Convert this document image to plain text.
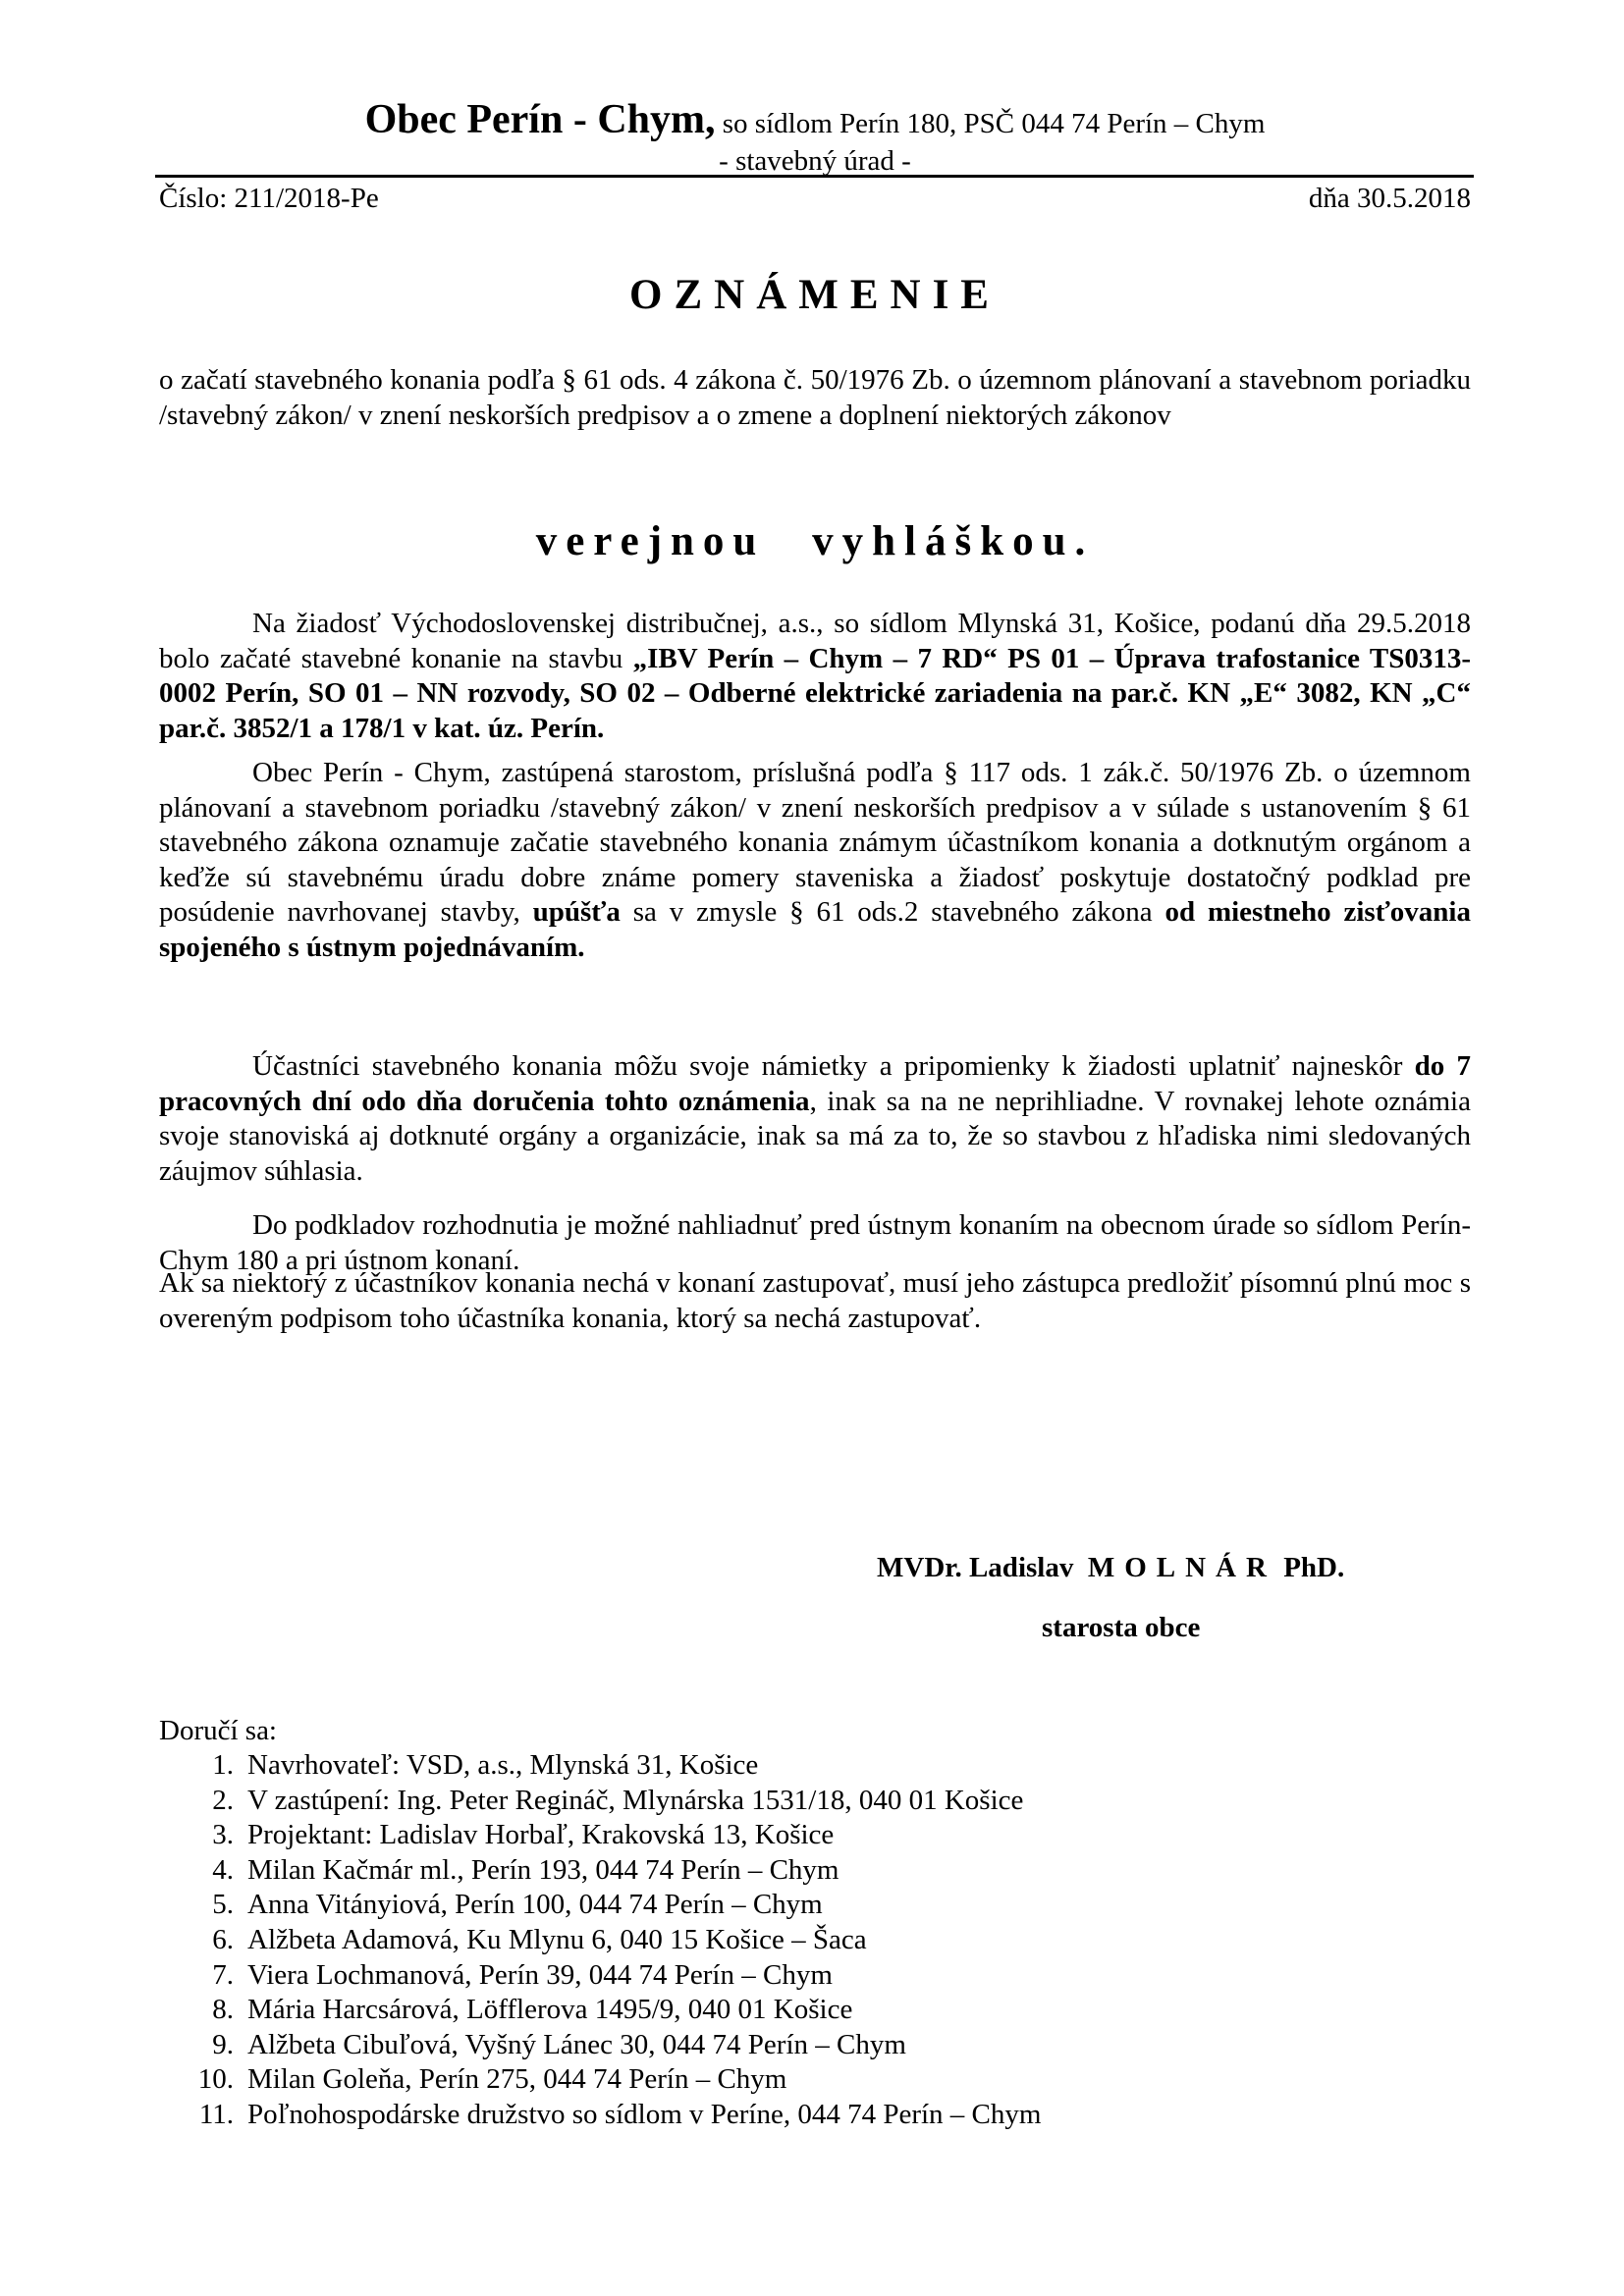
Obec Perín - Chym, so sídlom Perín 180, PSČ 044 74 Perín – Chym
- stavebný úrad -
Číslo: 211/2018-Pe	dňa 30.5.2018
OZNÁMENIE
o začatí stavebného konania podľa § 61 ods. 4 zákona č. 50/1976 Zb. o územnom plánovaní a stavebnom poriadku /stavebný zákon/ v znení neskorších predpisov a o zmene a doplnení niektorých zákonov
verejnou vyhláškou.
Na žiadosť Východoslovenskej distribučnej, a.s., so sídlom Mlynská 31, Košice, podanú dňa 29.5.2018 bolo začaté stavebné konanie na stavbu „IBV Perín – Chym – 7 RD“ PS 01 – Úprava trafostanice TS0313-0002 Perín, SO 01 – NN rozvody, SO 02 – Odberné elektrické zariadenia na par.č. KN „E“ 3082, KN „C“ par.č. 3852/1 a 178/1 v kat. úz. Perín.
Obec Perín - Chym, zastúpená starostom, príslušná podľa § 117 ods. 1 zák.č. 50/1976 Zb. o územnom plánovaní a stavebnom poriadku /stavebný zákon/ v znení neskorších predpisov a v súlade s ustanovením § 61 stavebného zákona oznamuje začatie stavebného konania známym účastníkom konania a dotknutým orgánom a keďže sú stavebnému úradu dobre známe pomery staveniska a žiadosť poskytuje dostatočný podklad pre posúdenie navrhovanej stavby, upúšťa sa v zmysle § 61 ods.2 stavebného zákona od miestneho zisťovania spojeného s ústnym pojednávaním.
Účastníci stavebného konania môžu svoje námietky a pripomienky k žiadosti uplatniť najneskôr do 7 pracovných dní odo dňa doručenia tohto oznámenia, inak sa na ne neprihliadne. V rovnakej lehote oznámia svoje stanoviská aj dotknuté orgány a organizácie, inak sa má za to, že so stavbou z hľadiska nimi sledovaných záujmov súhlasia.
Do podkladov rozhodnutia je možné nahliadnuť pred ústnym konaním na obecnom úrade so sídlom Perín- Chym 180 a pri ústnom konaní.
Ak sa niektorý z účastníkov konania nechá v konaní zastupovať, musí jeho zástupca predložiť písomnú plnú moc s overeným podpisom toho účastníka konania, ktorý sa nechá zastupovať.
MVDr. Ladislav MOLNÁR PhD.
starosta obce
Doručí sa:
1. Navrhovateľ: VSD, a.s., Mlynská 31, Košice
2. V zastúpení: Ing. Peter Regináč, Mlynárska 1531/18, 040 01 Košice
3. Projektant: Ladislav Horbaľ, Krakovská 13, Košice
4. Milan Kačmár ml., Perín 193, 044 74 Perín – Chym
5. Anna Vitányiová, Perín 100, 044 74 Perín – Chym
6. Alžbeta Adamová, Ku Mlynu 6, 040 15 Košice – Šaca
7. Viera Lochmanová, Perín 39, 044 74 Perín – Chym
8. Mária Harcsárová, Löfflerova 1495/9, 040 01 Košice
9. Alžbeta Cibuľová, Vyšný Lánec 30, 044 74 Perín – Chym
10. Milan Goleňa, Perín 275, 044 74 Perín – Chym
11. Poľnohospodárske družstvo so sídlom v Períne, 044 74 Perín – Chym
